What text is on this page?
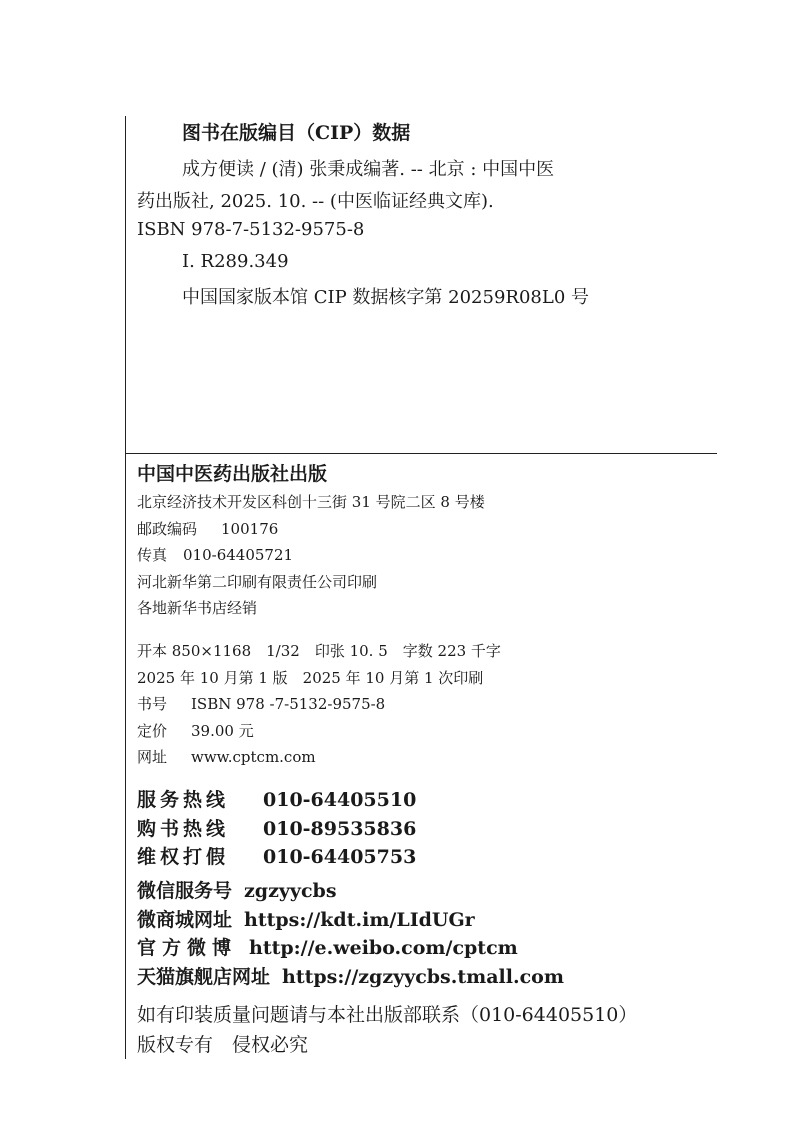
图书在版编目（CIP）数据
成方便读 / (清) 张秉成编著. -- 北京 : 中国中医
药出版社, 2025. 10. -- (中医临证经典文库).
ISBN 978-7-5132-9575-8
Ⅰ. R289.349
中国国家版本馆 CIP 数据核字第 20259R08L0 号
中国中医药出版社出版
北京经济技术开发区科创十三街 31 号院二区 8 号楼
邮政编码 100176
传真 010-64405721
河北新华第二印刷有限责任公司印刷
各地新华书店经销
开本 850×1168　1/32　印张 10. 5　字数 223 千字
2025 年 10 月第 1 版　2025 年 10 月第 1 次印刷
书号 ISBN 978 -7-5132-9575-8
定价 39.00 元
网址 www.cptcm.com
服务热线 010-64405510
购书热线 010-89535836
维权打假 010-64405753
微信服务号 zgzyycbs
微商城网址 https://kdt.im/LIdUGr
官方微博 http://e.weibo.com/cptcm
天猫旗舰店网址 https://zgzyycbs.tmall.com
如有印装质量问题请与本社出版部联系（010-64405510）
版权专有　侵权必究
